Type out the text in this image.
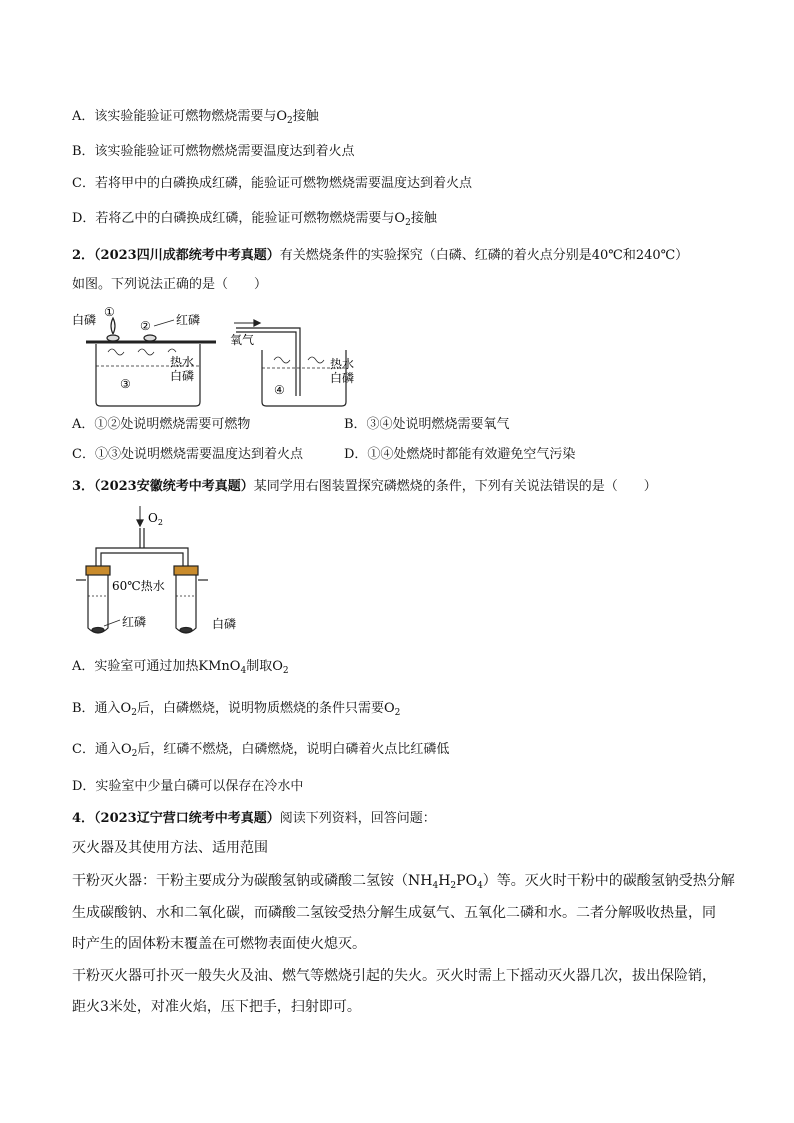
A．该实验能验证可燃物燃烧需要与$O_2$接触
B．该实验能验证可燃物燃烧需要温度达到着火点
C．若将甲中的白磷换成红磷，能验证可燃物燃烧需要温度达到着火点
D．若将乙中的白磷换成红磷，能验证可燃物燃烧需要与$O_2$接触
2．（2023四川成都统考中考真题）有关燃烧条件的实验探究（白磷、红磷的着火点分别是40℃和240℃）
如图。下列说法正确的是（　　）
白磷
①
② 红磷
热水
白磷
③
氧气
热水
白磷
④
A．①②处说明燃烧需要可燃物	B．③④处说明燃烧需要氧气
C．①③处说明燃烧需要温度达到着火点	D．①④处燃烧时都能有效避免空气污染
3．（2023安徽统考中考真题）某同学用右图装置探究磷燃烧的条件，下列有关说法错误的是（　　）
$O_2$
60℃热水
红磷	白磷
A．实验室可通过加热KMnO$_4$制取$O_2$
B．通入$O_2$后，白磷燃烧，说明物质燃烧的条件只需要$O_2$
C．通入$O_2$后，红磷不燃烧，白磷燃烧，说明白磷着火点比红磷低
D．实验室中少量白磷可以保存在冷水中
4．（2023辽宁营口统考中考真题）阅读下列资料，回答问题：
灭火器及其使用方法、适用范围
干粉灭火器：干粉主要成分为碳酸氢钠或磷酸二氢铵$(NH_4H_2PO_4)$等。灭火时干粉中的碳酸氢钠受热分解
生成碳酸钠、水和二氧化碳，而磷酸二氢铵受热分解生成氨气、五氧化二磷和水。二者分解吸收热量，同
时产生的固体粉末覆盖在可燃物表面使火熄灭。
干粉灭火器可扑灭一般失火及油、燃气等燃烧引起的失火。灭火时需上下摇动灭火器几次，拔出保险销，
距火3米处，对准火焰，压下把手，扫射即可。
